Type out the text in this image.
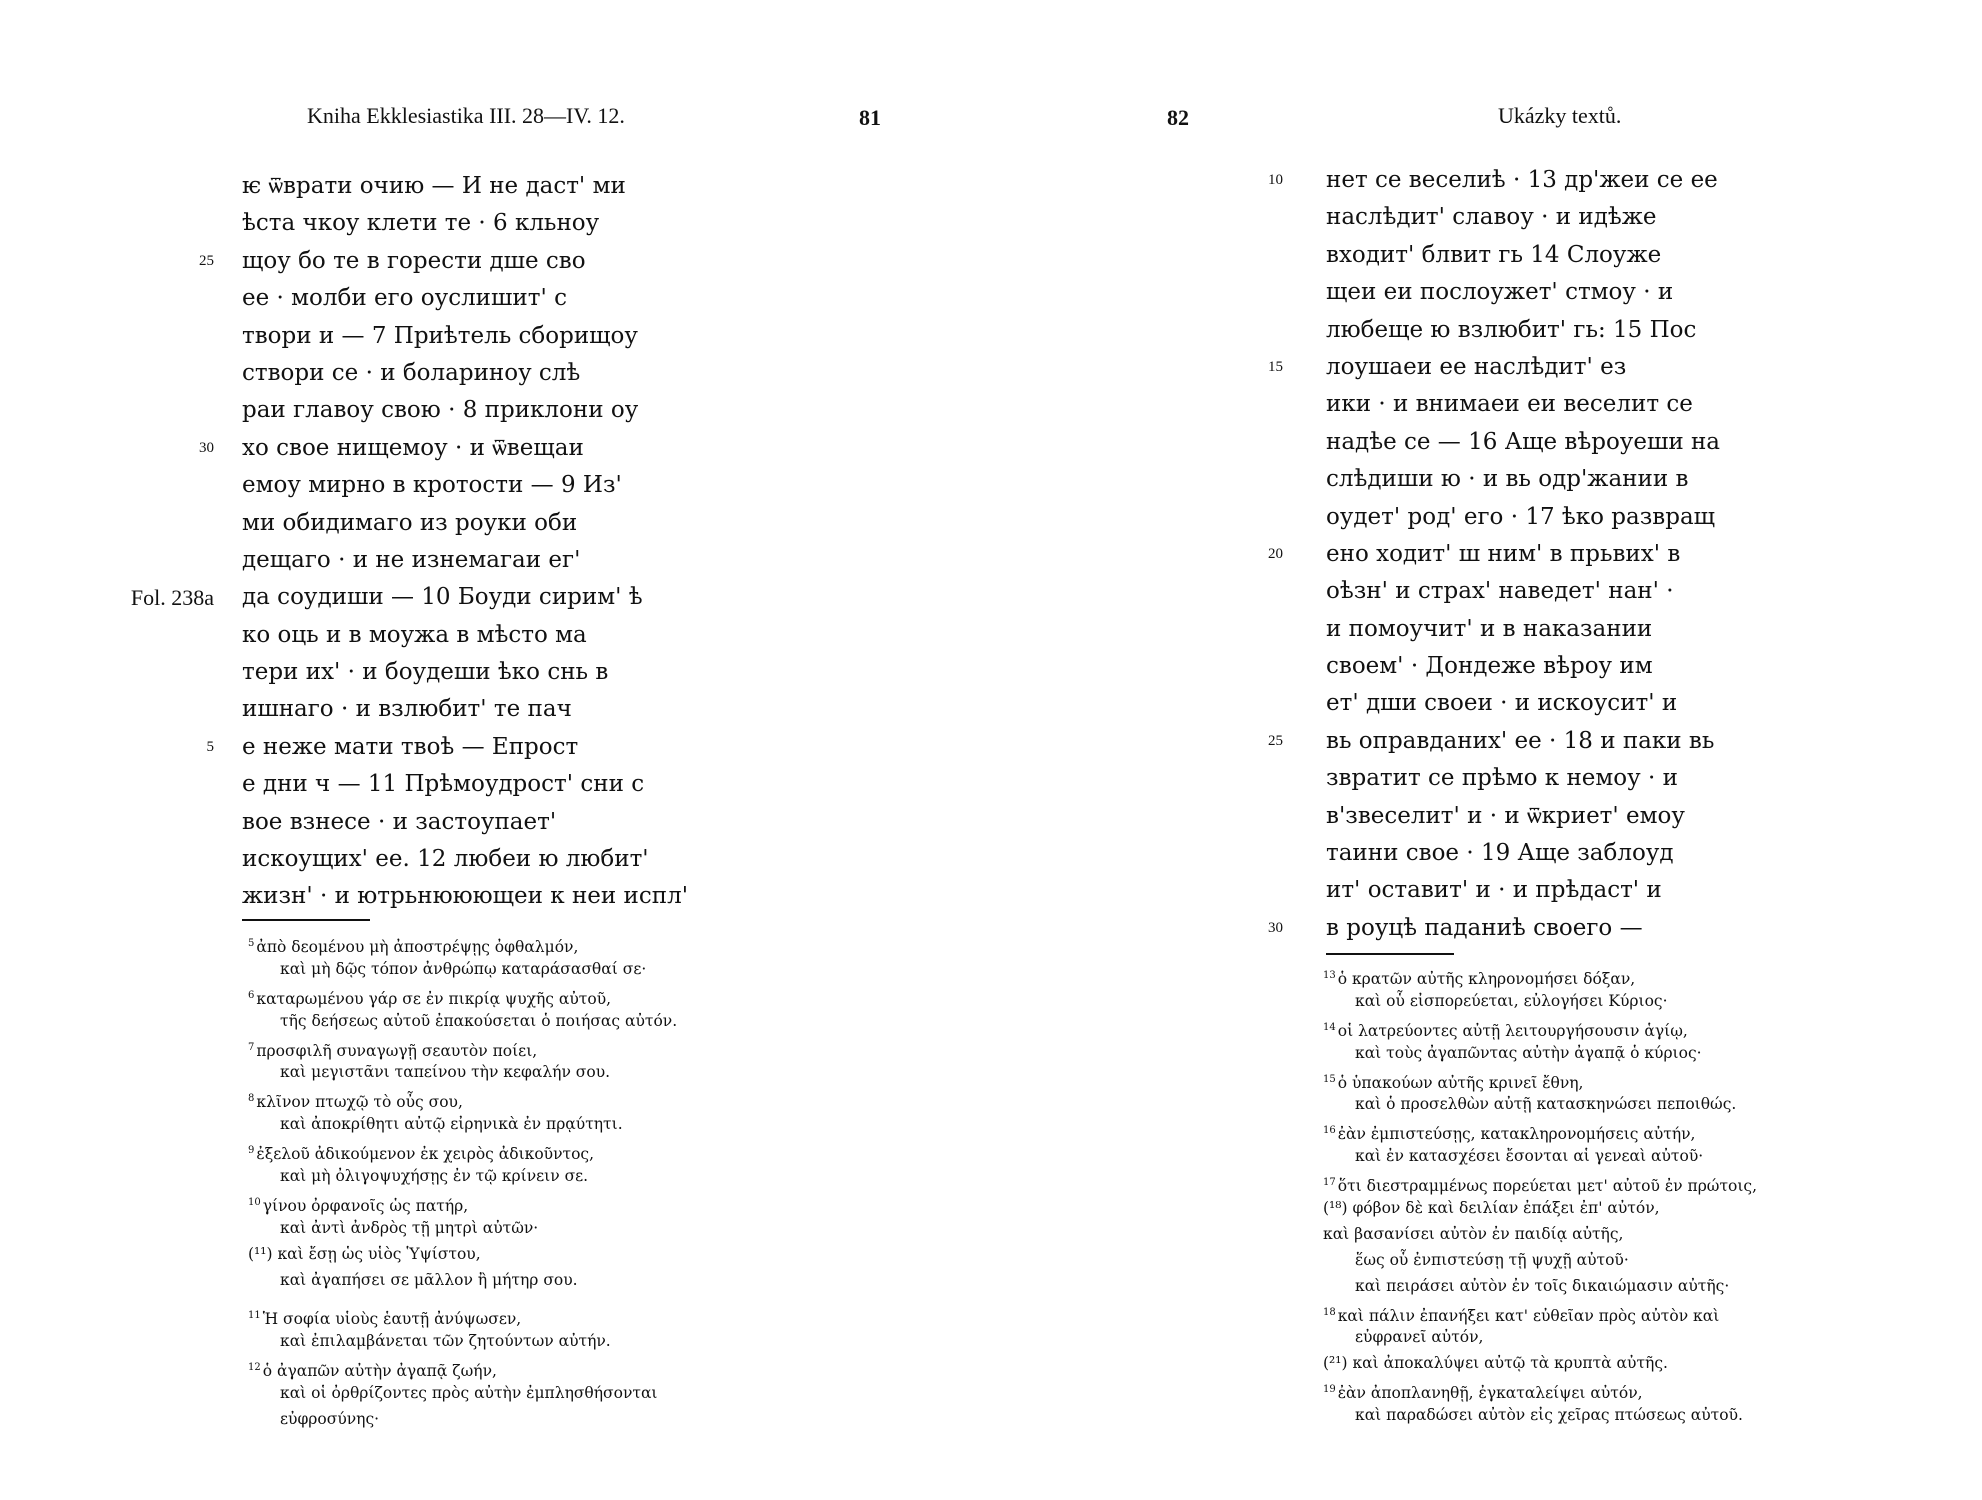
Kniha Ekklesiastika III. 28—IV. 12.	81
ѥ ѿврати очию — И не даст' ми
ѣста чкоу клети те · 6 кльноу
25 щоу бо те в горести дше сво
ее · молби его оуслишит' с
твори и — 7 Приѣтель сборищоу
створи се · и болариноу слѣ
раи главоу свою · 8 приклони оу
30 хо свое нищемоу · и ѿвещаи
емоу мирно в кротости — 9 Из'
ми обидимаго из роуки оби
дещаго · и не изнемагаи ег'
Fol. 238a да соудиши — 10 Боуди сирим' ѣ
ко оць и в моужа в мѣсто ма
тери их' · и боудеши ѣко снь в
ишнаго · и взлюбит' те пач
5 е неже мати твоѣ — Епрост
е дни ч — 11 Прѣмоудрост' сни с
вое взнесе · и застоупает'
искоущих' ее. 12 любеи ю любит'
жизн' · и ютрьнююющеи к неи испл'
$^5$ ἀπὸ δεομένου μὴ ἀποστρέψῃς ὀφθαλμόν,
καὶ μὴ δῷς τόπον ἀνθρώπῳ καταράσασθαί σε·
$^6$ καταρωμένου γάρ σε ἐν πικρίᾳ ψυχῆς αὐτοῦ,
τῆς δεήσεως αὐτοῦ ἐπακούσεται ὁ ποιήσας αὐτόν.
$^7$ προσφιλῆ συναγωγῇ σεαυτὸν ποίει,
καὶ μεγιστᾶνι ταπείνου τὴν κεφαλήν σου.
$^8$ κλῖνον πτωχῷ τὸ οὖς σου,
καὶ ἀποκρίθητι αὐτῷ εἰρηνικὰ ἐν πρᾳύτητι.
$^9$ ἐξελοῦ ἀδικούμενον ἐκ χειρὸς ἀδικοῦντος,
καὶ μὴ ὀλιγοψυχήσῃς ἐν τῷ κρίνειν σε.
$^{10}$ γίνου ὀρφανοῖς ὡς πατήρ,
καὶ ἀντὶ ἀνδρὸς τῇ μητρὶ αὐτῶν·
(¹¹) καὶ ἔσῃ ὡς υἱὸς Ὑψίστου,
καὶ ἀγαπήσει σε μᾶλλον ἢ μήτηρ σου.
$^{11}$ Ἡ σοφία υἱοὺς ἑαυτῇ ἀνύψωσεν,
καὶ ἐπιλαμβάνεται τῶν ζητούντων αὐτήν.
$^{12}$ ὁ ἀγαπῶν αὐτὴν ἀγαπᾷ ζωήν,
καὶ οἱ ὀρθρίζοντες πρὸς αὐτὴν ἐμπλησθήσονται
εὐφροσύνης·
Ukázky textů.
82
10	нет се веселиѣ · 13 др'жеи се ее
наслѣдит' славоу · и идѣже
входит' блвит гь 14 Слоуже
щеи еи послоужет' стмоу · и
любеще ю взлюбит' гь: 15 Пос
15	лоушаеи ее наслѣдит' ез
ики · и внимаеи еи веселит се
надѣе се — 16 Аще вѣроуеши на
слѣдиши ю · и вь одр'жании в
оудет' род' его · 17 ѣко развращ
20	ено ходит' ш ним' в прьвих' в
оѣзн' и страх' наведет' нан' ·
и помоучит' и в наказании
своем' · Дондеже вѣроу им
ет' дши своеи · и искоусит' и
25	вь оправданих' ее · 18 и паки вь
звратит се прѣмо к немоу · и
в'звеселит' и · и ѿкриет' емоу
таини свое · 19 Аще заблоуд
ит' оставит' и · и прѣдаст' и
30	в роуцѣ паданиѣ своего —
$^{13}$ ὁ κρατῶν αὐτῆς κληρονομήσει δόξαν,
καὶ οὗ εἰσπορεύεται, εὐλογήσει Κύριος·
$^{14}$ οἱ λατρεύοντες αὐτῇ λειτουργήσουσιν ἁγίῳ,
καὶ τοὺς ἀγαπῶντας αὐτὴν ἀγαπᾷ ὁ κύριος·
$^{15}$ ὁ ὑπακούων αὐτῆς κρινεῖ ἔθνη,
καὶ ὁ προσελθὼν αὐτῇ κατασκηνώσει πεποιθώς.
$^{16}$ ἐὰν ἐμπιστεύσῃς, κατακληρονομήσεις αὐτήν,
καὶ ἐν κατασχέσει ἔσονται αἱ γενεαὶ αὐτοῦ·
$^{17}$ ὅτι διεστραμμένως πορεύεται μετ' αὐτοῦ ἐν πρώτοις,
(¹⁸) φόβον δὲ καὶ δειλίαν ἐπάξει ἐπ' αὐτόν,
καὶ βασανίσει αὐτὸν ἐν παιδίᾳ αὐτῆς,
ἕως οὗ ἐνπιστεύσῃ τῇ ψυχῇ αὐτοῦ·
καὶ πειράσει αὐτὸν ἐν τοῖς δικαιώμασιν αὐτῆς·
$^{18}$ καὶ πάλιν ἐπανήξει κατ' εὐθεῖαν πρὸς αὐτὸν καὶ
εὐφρανεῖ αὐτόν,
(²¹) καὶ ἀποκαλύψει αὐτῷ τὰ κρυπτὰ αὐτῆς.
$^{19}$ ἐὰν ἀποπλανηθῇ, ἐγκαταλείψει αὐτόν,
καὶ παραδώσει αὐτὸν εἰς χεῖρας πτώσεως αὐτοῦ.
